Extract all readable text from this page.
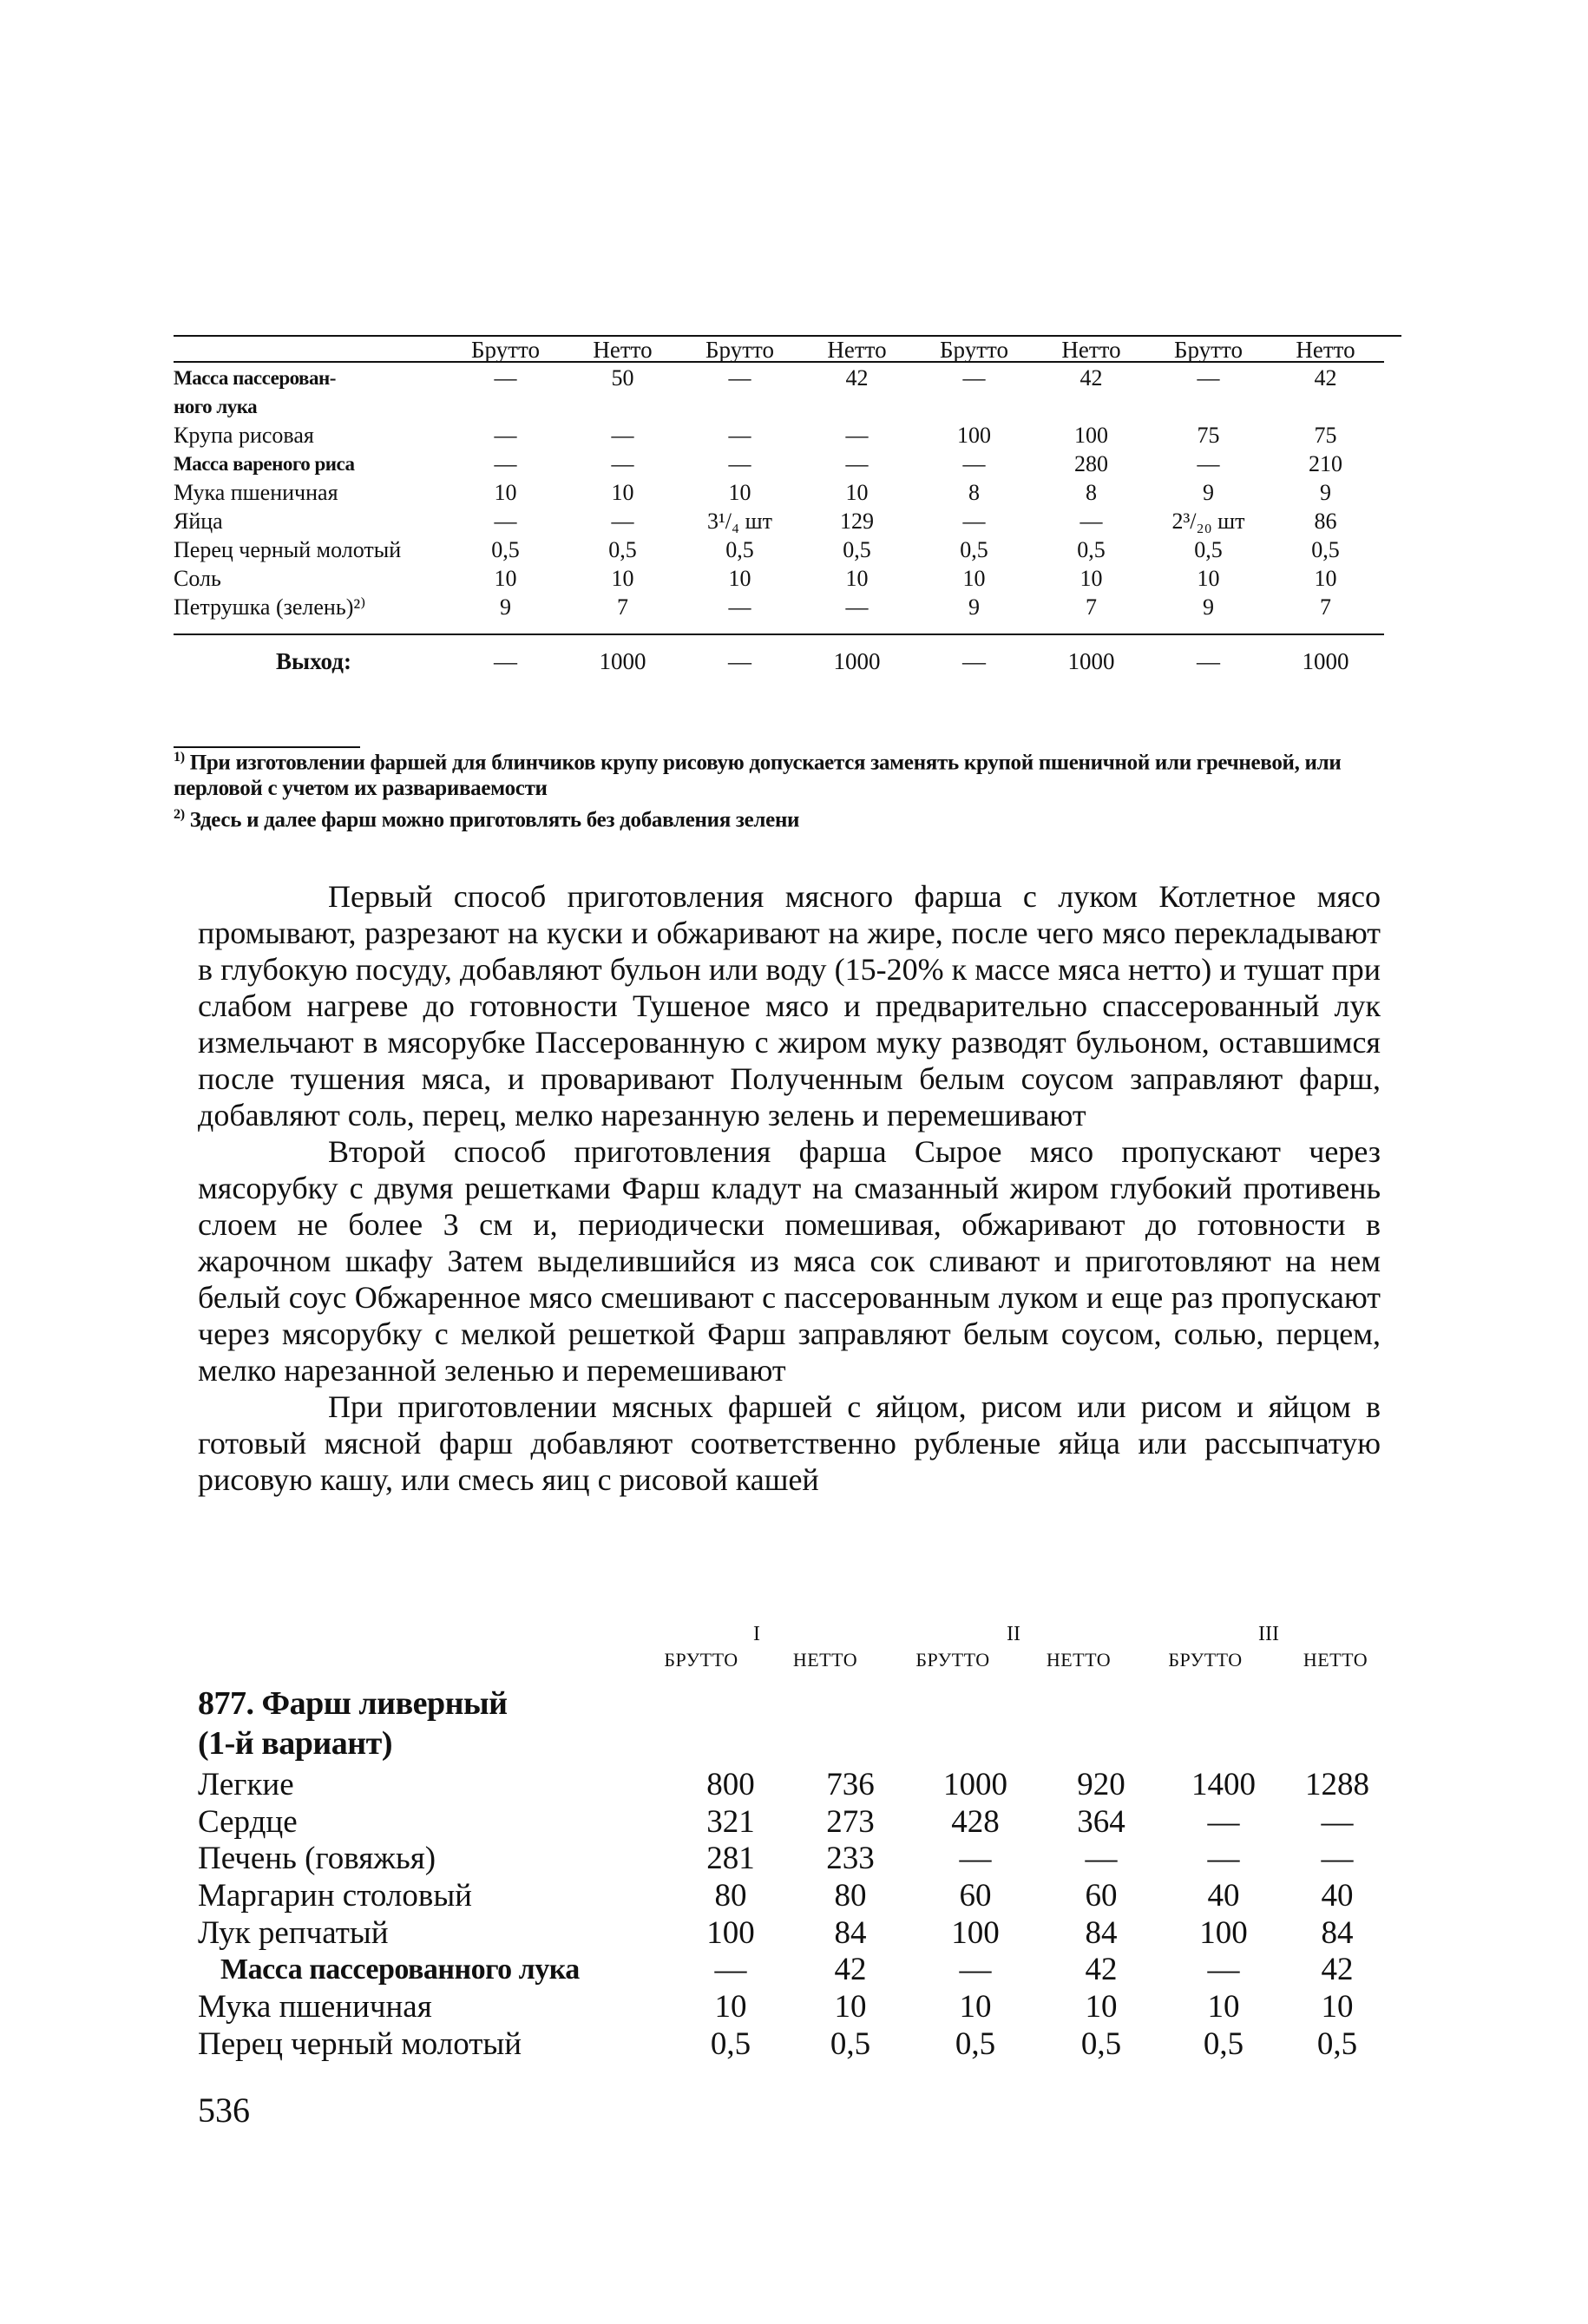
	Брутто	Нетто	Брутто	Нетто	Брутто	Нетто	Брутто	Нетто
Масса пассерован-
ного лука	—	50	—	42	—	42	—	42
Крупа рисовая	—	—	—	—	100	100	75	75
Масса вареного риса	—	—	—	—	—	280	—	210
Мука пшеничная	10	10	10	10	8	8	9	9
Яйца	—	—	3¹/₄ шт	129	—	—	2³/₂₀ шт	86
Перец черный молотый	0,5	0,5	0,5	0,5	0,5	0,5	0,5	0,5
Соль	10	10	10	10	10	10	10	10
Петрушка (зелень)²⁾	9	7	—	—	9	7	9	7

Выход:	—	1000	—	1000	—	1000	—	1000

$^{1)}$ При изготовлении фаршей для блинчиков крупу рисовую допускается заменять крупой пшеничной или гречневой, или перловой с учетом их развариваемости

$^{2)}$ Здесь и далее фарш можно приготовлять без добавления зелени

Первый способ приготовления мясного фарша с луком Котлетное мясо промывают, разрезают на куски и обжаривают на жире, после чего мясо перекладывают в глубокую посуду, добавляют бульон или воду (15-20% к массе мяса нетто) и тушат при слабом нагреве до готовности Тушеное мясо и предварительно спассерованный лук измельчают в мясорубке Пассерованную с жиром муку разводят бульоном, оставшимся после тушения мяса, и проваривают Полученным белым соусом заправляют фарш, добавляют соль, перец, мелко нарезанную зелень и перемешивают

Второй способ приготовления фарша Сырое мясо пропускают через мясорубку с двумя решетками Фарш кладут на смазанный жиром глубокий противень слоем не более 3 см и, периодически помешивая, обжаривают до готовности в жарочном шкафу Затем выделившийся из мяса сок сливают и приготовляют на нем белый соус Обжаренное мясо смешивают с пассерованным луком и еще раз пропускают через мясорубку с мелкой решеткой Фарш заправляют белым соусом, солью, перцем, мелко нарезанной зеленью и перемешивают

При приготовлении мясных фаршей с яйцом, рисом или рисом и яйцом в готовый мясной фарш добавляют соответственно рубленые яйца или рассыпчатую рисовую кашу, или смесь яиц с рисовой кашей

I	II	III
БРУТТО	НЕТТО	БРУТТО	НЕТТО	БРУТТО	НЕТТО
877. Фарш ливерный
(1-й вариант)
Легкие	800	736	1000	920	1400	1288
Сердце	321	273	428	364	—	—
Печень (говяжья)	281	233	—	—	—	—
Маргарин столовый	80	80	60	60	40	40
Лук репчатый	100	84	100	84	100	84
Масса пассерованного лука	—	42	—	42	—	42
Мука пшеничная	10	10	10	10	10	10
Перец черный молотый	0,5	0,5	0,5	0,5	0,5	0,5
536
